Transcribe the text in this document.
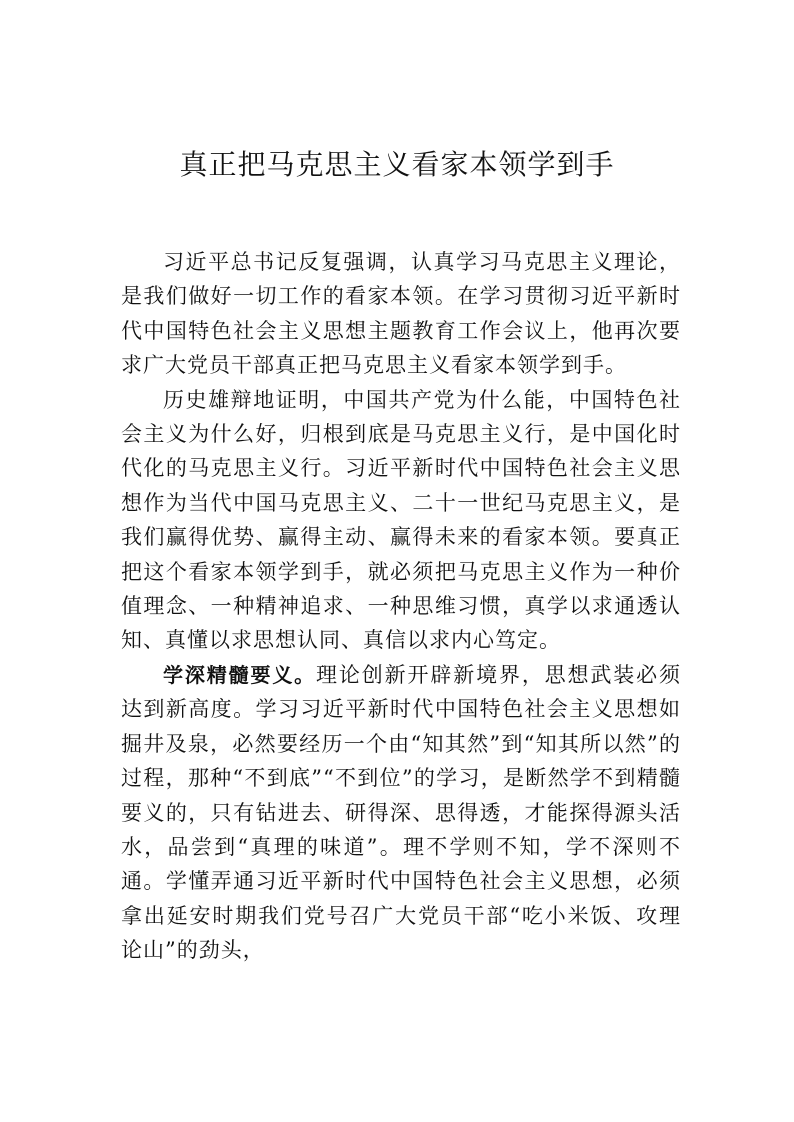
真正把马克思主义看家本领学到手

习近平总书记反复强调，认真学习马克思主义理论，是我们做好一切工作的看家本领。在学习贯彻习近平新时代中国特色社会主义思想主题教育工作会议上，他再次要求广大党员干部真正把马克思主义看家本领学到手。

历史雄辩地证明，中国共产党为什么能，中国特色社会主义为什么好，归根到底是马克思主义行，是中国化时代化的马克思主义行。习近平新时代中国特色社会主义思想作为当代中国马克思主义、二十一世纪马克思主义，是我们赢得优势、赢得主动、赢得未来的看家本领。要真正把这个看家本领学到手，就必须把马克思主义作为一种价值理念、一种精神追求、一种思维习惯，真学以求通透认知、真懂以求思想认同、真信以求内心笃定。

学深精髓要义。理论创新开辟新境界，思想武装必须达到新高度。学习习近平新时代中国特色社会主义思想如掘井及泉，必然要经历一个由“知其然”到“知其所以然”的过程，那种“不到底”“不到位”的学习，是断然学不到精髓要义的，只有钻进去、研得深、思得透，才能探得源头活水，品尝到“真理的味道”。理不学则不知，学不深则不通。学懂弄通习近平新时代中国特色社会主义思想，必须拿出延安时期我们党号召广大党员干部“吃小米饭、攻理论山”的劲头，
